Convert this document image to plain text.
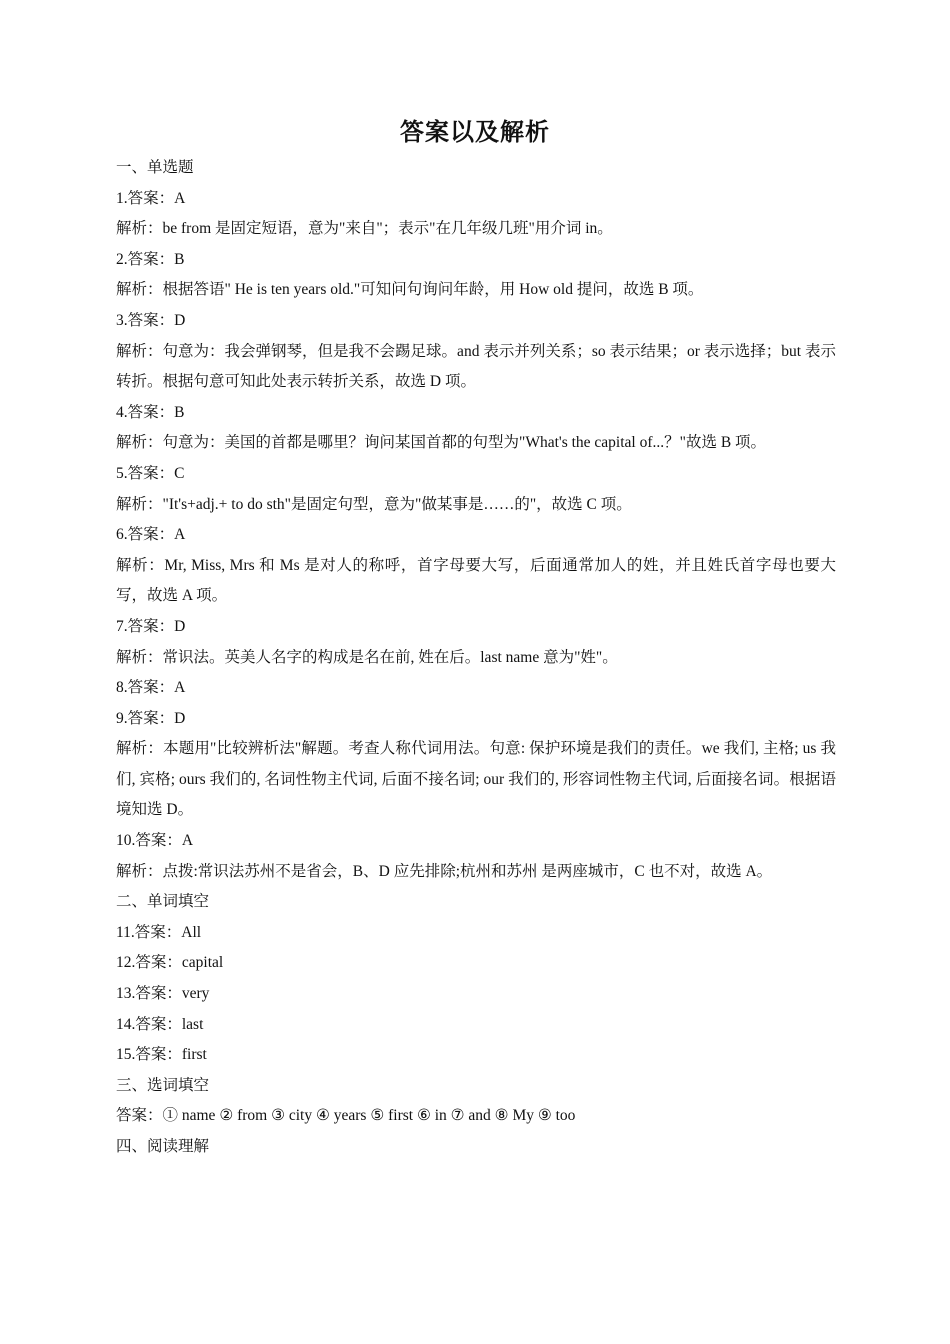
答案以及解析
一、单选题
1.答案：A
解析：be from 是固定短语，意为"来自"；表示"在几年级几班"用介词 in。
2.答案：B
解析：根据答语" He is ten years old."可知问句询问年龄，用 How old 提问，故选 B 项。
3.答案：D
解析：句意为：我会弹钢琴，但是我不会踢足球。and 表示并列关系；so 表示结果；or 表示选择；but 表示转折。根据句意可知此处表示转折关系，故选 D 项。
4.答案：B
解析：句意为：美国的首都是哪里？询问某国首都的句型为"What's the capital of...？"故选 B 项。
5.答案：C
解析："It's+adj.+ to do sth"是固定句型，意为"做某事是……的"，故选 C 项。
6.答案：A
解析：Mr, Miss, Mrs 和 Ms 是对人的称呼，首字母要大写，后面通常加人的姓，并且姓氏首字母也要大写，故选 A 项。
7.答案：D
解析：常识法。英美人名字的构成是名在前, 姓在后。last name 意为"姓"。
8.答案：A
9.答案：D
解析：本题用"比较辨析法"解题。考查人称代词用法。句意: 保护环境是我们的责任。we 我们, 主格; us 我们, 宾格; ours 我们的, 名词性物主代词, 后面不接名词; our 我们的, 形容词性物主代词, 后面接名词。根据语境知选 D。
10.答案：A
解析：点拨:常识法苏州不是省会，B、D 应先排除;杭州和苏州 是两座城市，C 也不对，故选 A。
二、单词填空
11.答案：All
12.答案：capital
13.答案：very
14.答案：last
15.答案：first
三、选词填空
答案：① name ② from ③ city ④ years ⑤ first ⑥ in ⑦ and ⑧ My ⑨ too
四、阅读理解
